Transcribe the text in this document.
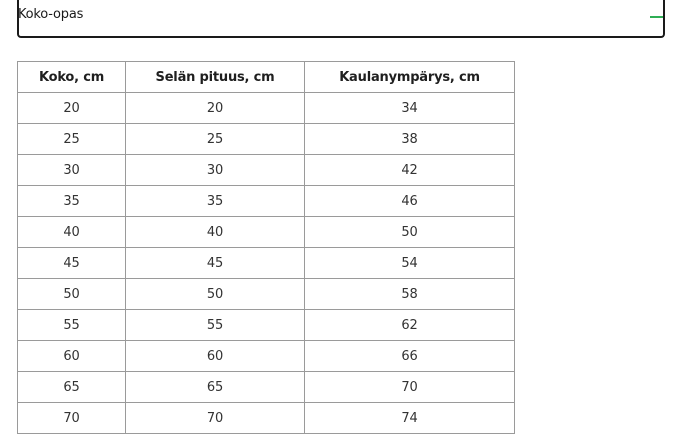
Koko-opas
Koko, cm	Selän pituus, cm	Kaulanympärys, cm
20	20	34
25	25	38
30	30	42
35	35	46
40	40	50
45	45	54
50	50	58
55	55	62
60	60	66
65	65	70
70	70	74
